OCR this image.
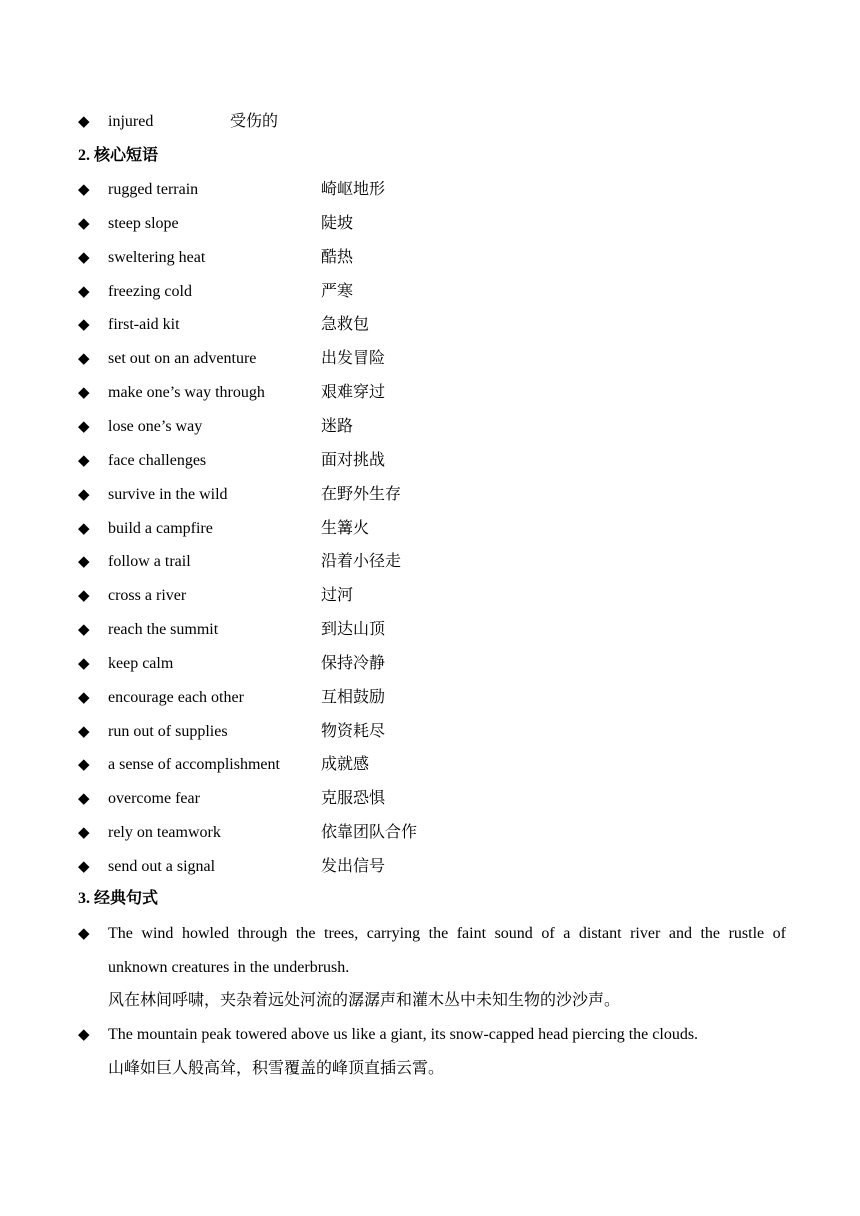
◆ injured	受伤的
2. 核心短语
◆ rugged terrain	崎岖地形
◆ steep slope	陡坡
◆ sweltering heat	酷热
◆ freezing cold	严寒
◆ first-aid kit	急救包
◆ set out on an adventure	出发冒险
◆ make one’s way through	艰难穿过
◆ lose one’s way	迷路
◆ face challenges	面对挑战
◆ survive in the wild	在野外生存
◆ build a campfire	生篝火
◆ follow a trail	沿着小径走
◆ cross a river	过河
◆ reach the summit	到达山顶
◆ keep calm	保持冷静
◆ encourage each other	互相鼓励
◆ run out of supplies	物资耗尽
◆ a sense of accomplishment	成就感
◆ overcome fear	克服恐惧
◆ rely on teamwork	依靠团队合作
◆ send out a signal	发出信号
3. 经典句式
◆ The wind howled through the trees, carrying the faint sound of a distant river and the rustle of
unknown creatures in the underbrush.
风在林间呼啸，夹杂着远处河流的潺潺声和灌木丛中未知生物的沙沙声。
◆ The mountain peak towered above us like a giant, its snow-capped head piercing the clouds.
山峰如巨人般高耸，积雪覆盖的峰顶直插云霄。
